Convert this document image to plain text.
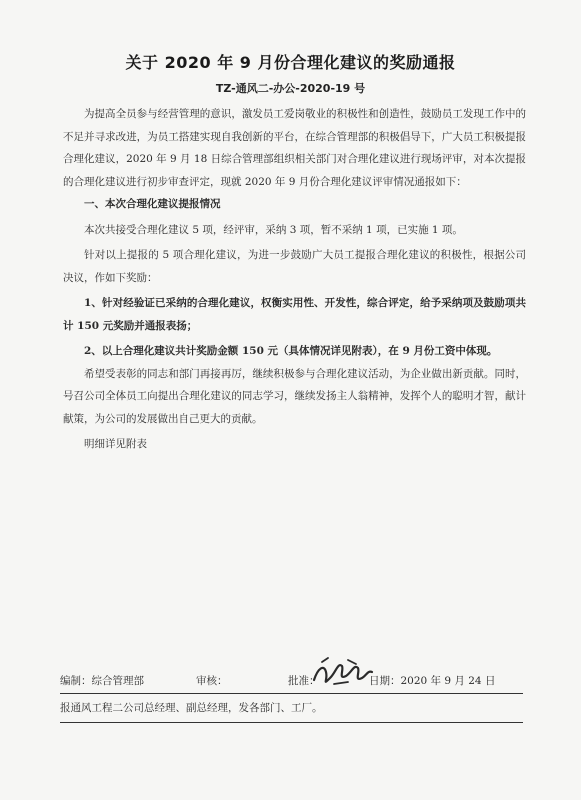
关于 2020 年 9 月份合理化建议的奖励通报
TZ-通风二-办公-2020-19 号

为提高全员参与经营管理的意识，激发员工爱岗敬业的积极性和创造性，鼓励员工发现工作中的不足并寻求改进，为员工搭建实现自我创新的平台，在综合管理部的积极倡导下，广大员工积极提报合理化建议，2020 年 9 月 18 日综合管理部组织相关部门对合理化建议进行现场评审，对本次提报的合理化建议进行初步审查评定，现就 2020 年 9 月份合理化建议评审情况通报如下：

一、本次合理化建议提报情况

本次共接受合理化建议 5 项，经评审，采纳 3 项，暂不采纳 1 项，已实施 1 项。

针对以上提报的 5 项合理化建议，为进一步鼓励广大员工提报合理化建议的积极性，根据公司决议，作如下奖励：

1、针对经验证已采纳的合理化建议，权衡实用性、开发性，综合评定，给予采纳项及鼓励项共计 150 元奖励并通报表扬；

2、以上合理化建议共计奖励金额 150 元（具体情况详见附表），在 9 月份工资中体现。

希望受表彰的同志和部门再接再厉，继续积极参与合理化建议活动，为企业做出新贡献。同时，号召公司全体员工向提出合理化建议的同志学习，继续发扬主人翁精神，发挥个人的聪明才智，献计献策，为公司的发展做出自己更大的贡献。

明细详见附表

编制：综合管理部	审核：	批准：	日期：2020 年 9 月 24 日
报通风工程二公司总经理、副总经理，发各部门、工厂。
